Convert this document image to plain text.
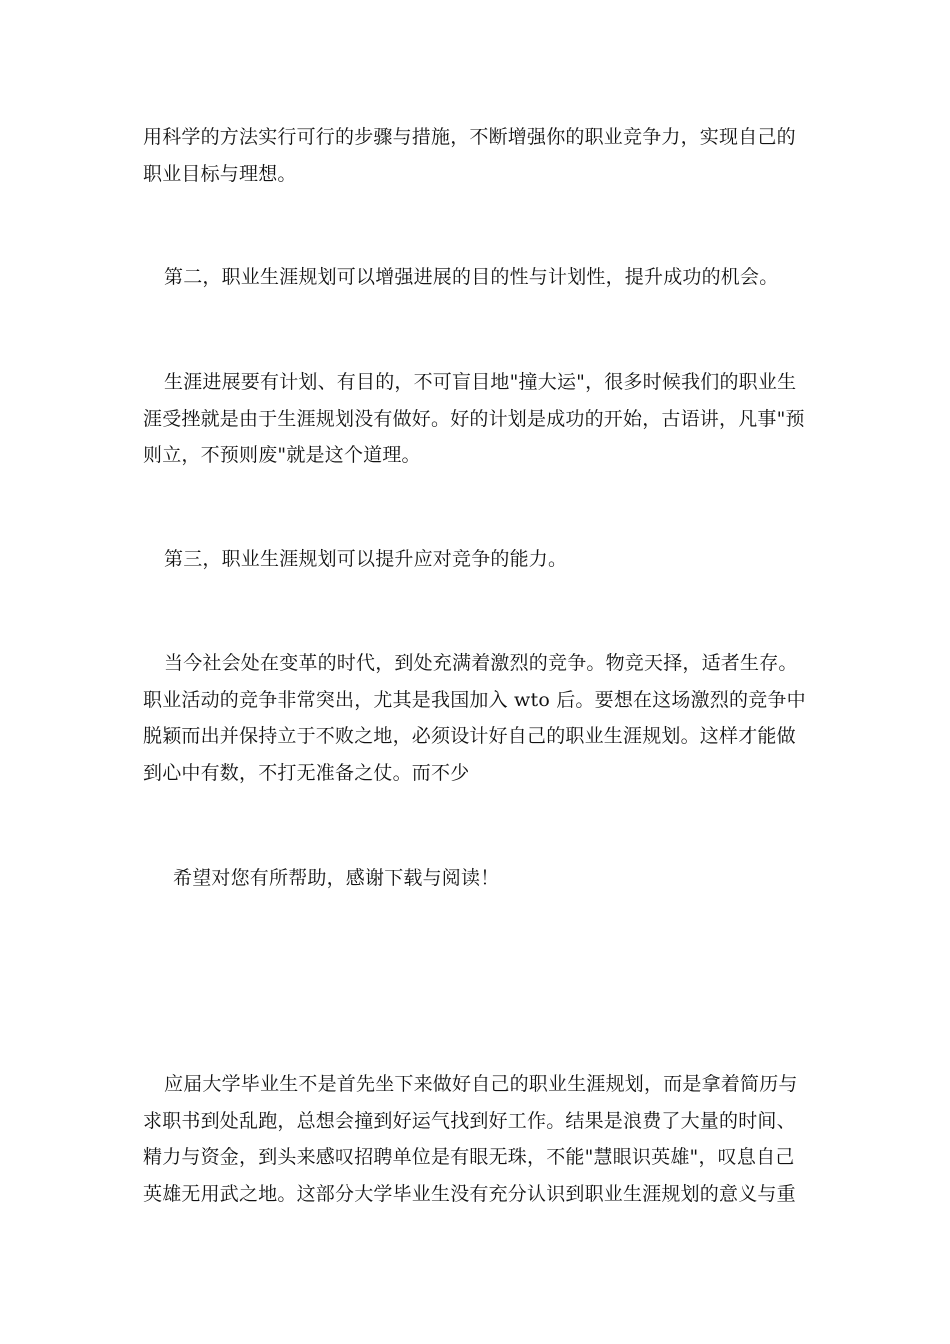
用科学的方法实行可行的步骤与措施，不断增强你的职业竞争力，实现自己的
职业目标与理想。

第二，职业生涯规划可以增强进展的目的性与计划性，提升成功的机会。

生涯进展要有计划、有目的，不可盲目地"撞大运"，很多时候我们的职业生
涯受挫就是由于生涯规划没有做好。好的计划是成功的开始，古语讲，凡事"预
则立，不预则废"就是这个道理。

第三，职业生涯规划可以提升应对竞争的能力。

当今社会处在变革的时代，到处充满着激烈的竞争。物竞天择，适者生存。
职业活动的竞争非常突出，尤其是我国加入 wto 后。要想在这场激烈的竞争中
脱颖而出并保持立于不败之地，必须设计好自己的职业生涯规划。这样才能做
到心中有数，不打无准备之仗。而不少

希望对您有所帮助，感谢下载与阅读！

应届大学毕业生不是首先坐下来做好自己的职业生涯规划，而是拿着简历与
求职书到处乱跑，总想会撞到好运气找到好工作。结果是浪费了大量的时间、
精力与资金，到头来感叹招聘单位是有眼无珠，不能"慧眼识英雄"，叹息自己
英雄无用武之地。这部分大学毕业生没有充分认识到职业生涯规划的意义与重
